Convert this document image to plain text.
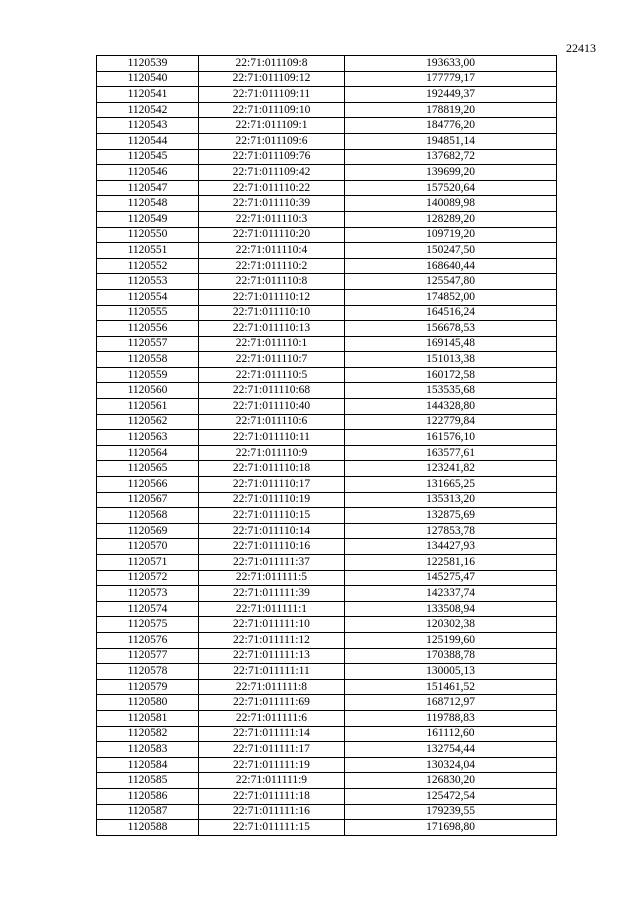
22413
1120539	22:71:011109:8	193633,00
1120540	22:71:011109:12	177779,17
1120541	22:71:011109:11	192449,37
1120542	22:71:011109:10	178819,20
1120543	22:71:011109:1	184776,20
1120544	22:71:011109:6	194851,14
1120545	22:71:011109:76	137682,72
1120546	22:71:011109:42	139699,20
1120547	22:71:011110:22	157520,64
1120548	22:71:011110:39	140089,98
1120549	22:71:011110:3	128289,20
1120550	22:71:011110:20	109719,20
1120551	22:71:011110:4	150247,50
1120552	22:71:011110:2	168640,44
1120553	22:71:011110:8	125547,80
1120554	22:71:011110:12	174852,00
1120555	22:71:011110:10	164516,24
1120556	22:71:011110:13	156678,53
1120557	22:71:011110:1	169145,48
1120558	22:71:011110:7	151013,38
1120559	22:71:011110:5	160172,58
1120560	22:71:011110:68	153535,68
1120561	22:71:011110:40	144328,80
1120562	22:71:011110:6	122779,84
1120563	22:71:011110:11	161576,10
1120564	22:71:011110:9	163577,61
1120565	22:71:011110:18	123241,82
1120566	22:71:011110:17	131665,25
1120567	22:71:011110:19	135313,20
1120568	22:71:011110:15	132875,69
1120569	22:71:011110:14	127853,78
1120570	22:71:011110:16	134427,93
1120571	22:71:011111:37	122581,16
1120572	22:71:011111:5	145275,47
1120573	22:71:011111:39	142337,74
1120574	22:71:011111:1	133508,94
1120575	22:71:011111:10	120302,38
1120576	22:71:011111:12	125199,60
1120577	22:71:011111:13	170388,78
1120578	22:71:011111:11	130005,13
1120579	22:71:011111:8	151461,52
1120580	22:71:011111:69	168712,97
1120581	22:71:011111:6	119788,83
1120582	22:71:011111:14	161112,60
1120583	22:71:011111:17	132754,44
1120584	22:71:011111:19	130324,04
1120585	22:71:011111:9	126830,20
1120586	22:71:011111:18	125472,54
1120587	22:71:011111:16	179239,55
1120588	22:71:011111:15	171698,80
